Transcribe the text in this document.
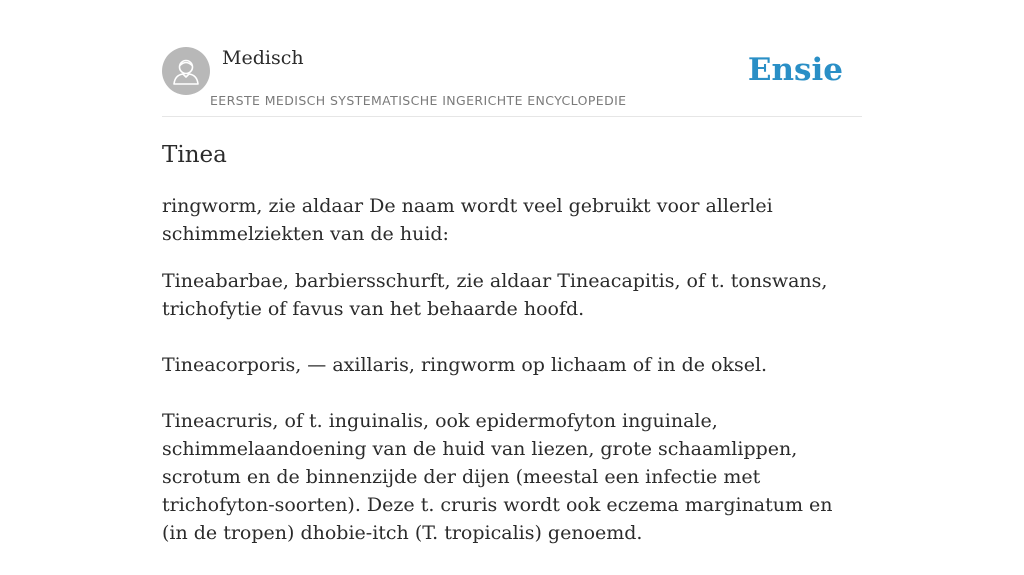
Medisch
EERSTE MEDISCH SYSTEMATISCHE INGERICHTE ENCYCLOPEDIE
Ensie
Tinea

ringworm, zie aldaar De naam wordt veel gebruikt voor allerlei schimmelziekten van de huid:

Tineabarbae, barbiersschurft, zie aldaar Tineacapitis, of t. tonswans, trichofytie of favus van het behaarde hoofd.

Tineacorporis, — axillaris, ringworm op lichaam of in de oksel.

Tineacruris, of t. inguinalis, ook epidermofyton inguinale, schimmelaandoening van de huid van liezen, grote schaamlippen, scrotum en de binnenzijde der dijen (meestal een infectie met trichofyton-soorten). Deze t. cruris wordt ook eczema marginatum en (in de tropen) dhobie-itch (T. tropicalis) genoemd.
